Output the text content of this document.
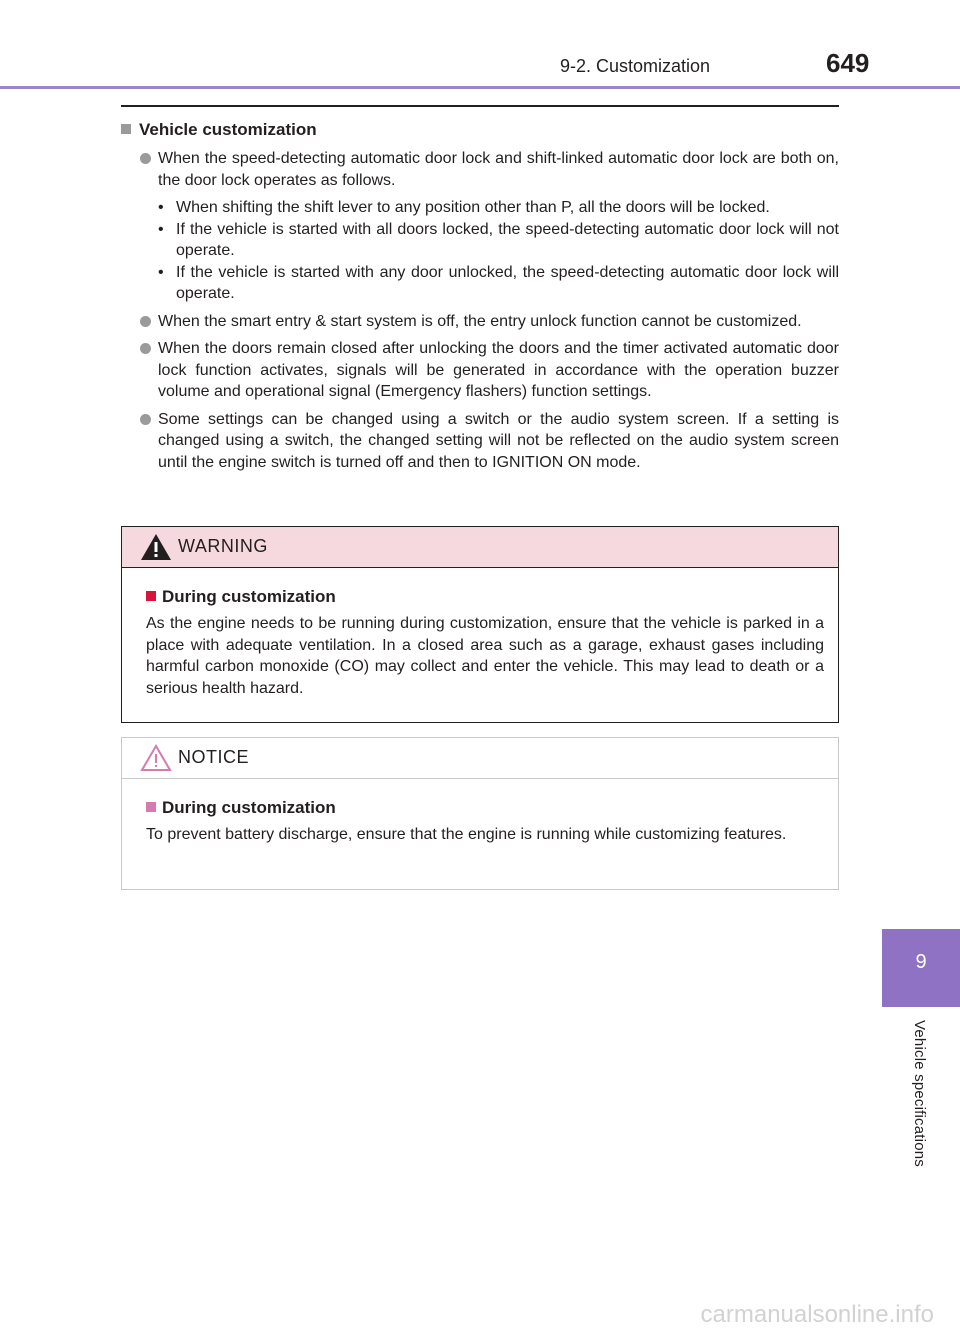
9-2. Customization	649
9
Vehicle specifications
Vehicle customization
When the speed-detecting automatic door lock and shift-linked automatic door lock are both on, the door lock operates as follows.
• When shifting the shift lever to any position other than P, all the doors will be locked.
• If the vehicle is started with all doors locked, the speed-detecting automatic door lock will not operate.
• If the vehicle is started with any door unlocked, the speed-detecting automatic door lock will operate.
When the smart entry & start system is off, the entry unlock function cannot be customized.
When the doors remain closed after unlocking the doors and the timer activated automatic door lock function activates, signals will be generated in accordance with the operation buzzer volume and operational signal (Emergency flashers) function settings.
Some settings can be changed using a switch or the audio system screen. If a setting is changed using a switch, the changed setting will not be reflected on the audio system screen until the engine switch is turned off and then to IGNITION ON mode.
WARNING
During customization

As the engine needs to be running during customization, ensure that the vehicle is parked in a place with adequate ventilation. In a closed area such as a garage, exhaust gases including harmful carbon monoxide (CO) may collect and enter the vehicle. This may lead to death or a serious health hazard.

NOTICE
During customization

To prevent battery discharge, ensure that the engine is running while customizing features.

carmanualsonline.info
